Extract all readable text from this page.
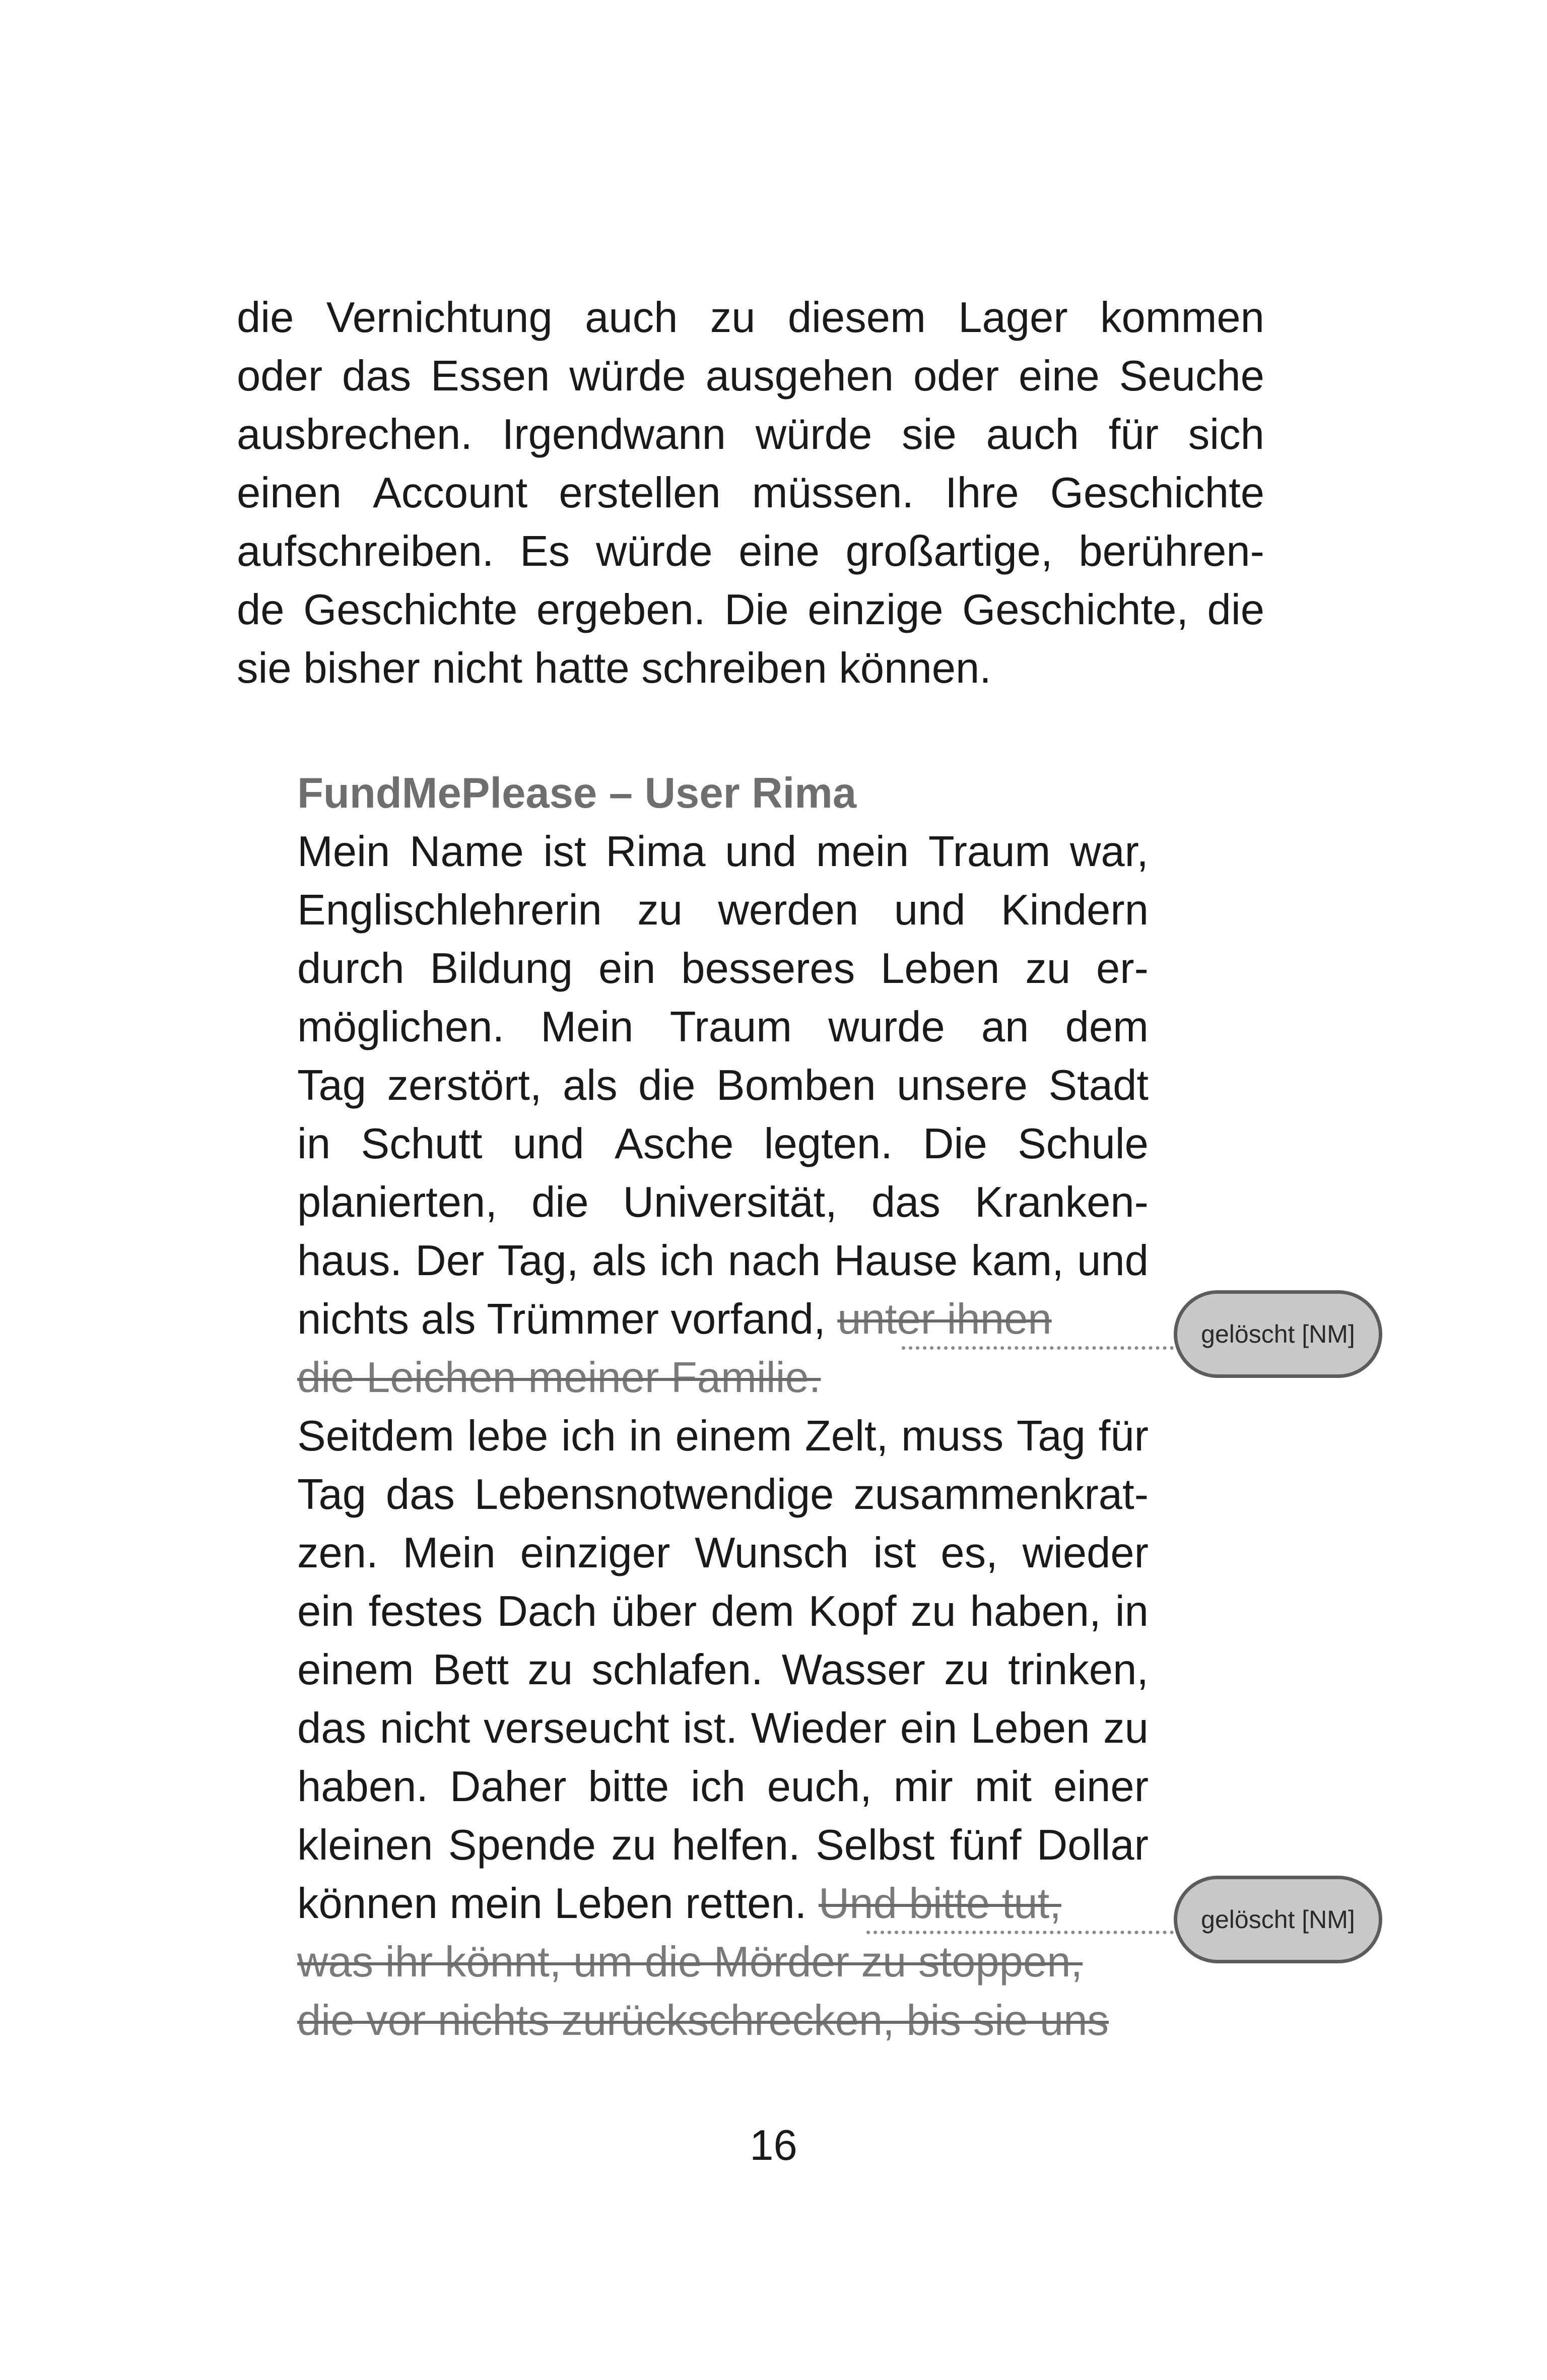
die Vernichtung auch zu diesem Lager kommen
oder das Essen würde ausgehen oder eine Seuche
ausbrechen. Irgendwann würde sie auch für sich
einen Account erstellen müssen. Ihre Geschichte
aufschreiben. Es würde eine großartige, berühren-
de Geschichte ergeben. Die einzige Geschichte, die
sie bisher nicht hatte schreiben können.
FundMePlease – User Rima
Mein Name ist Rima und mein Traum war,
Englischlehrerin zu werden und Kindern
durch Bildung ein besseres Leben zu er-
möglichen. Mein Traum wurde an dem
Tag zerstört, als die Bomben unsere Stadt
in Schutt und Asche legten. Die Schule
planierten, die Universität, das Kranken-
haus. Der Tag, als ich nach Hause kam, und
nichts als Trümmer vorfand, unter ihnen
die Leichen meiner Familie.
Seitdem lebe ich in einem Zelt, muss Tag für
Tag das Lebensnotwendige zusammenkrat-
zen. Mein einziger Wunsch ist es, wieder
ein festes Dach über dem Kopf zu haben, in
einem Bett zu schlafen. Wasser zu trinken,
das nicht verseucht ist. Wieder ein Leben zu
haben. Daher bitte ich euch, mir mit einer
kleinen Spende zu helfen. Selbst fünf Dollar
können mein Leben retten. Und bitte tut,
was ihr könnt, um die Mörder zu stoppen,
die vor nichts zurückschrecken, bis sie uns
gelöscht [NM]
gelöscht [NM]
16
